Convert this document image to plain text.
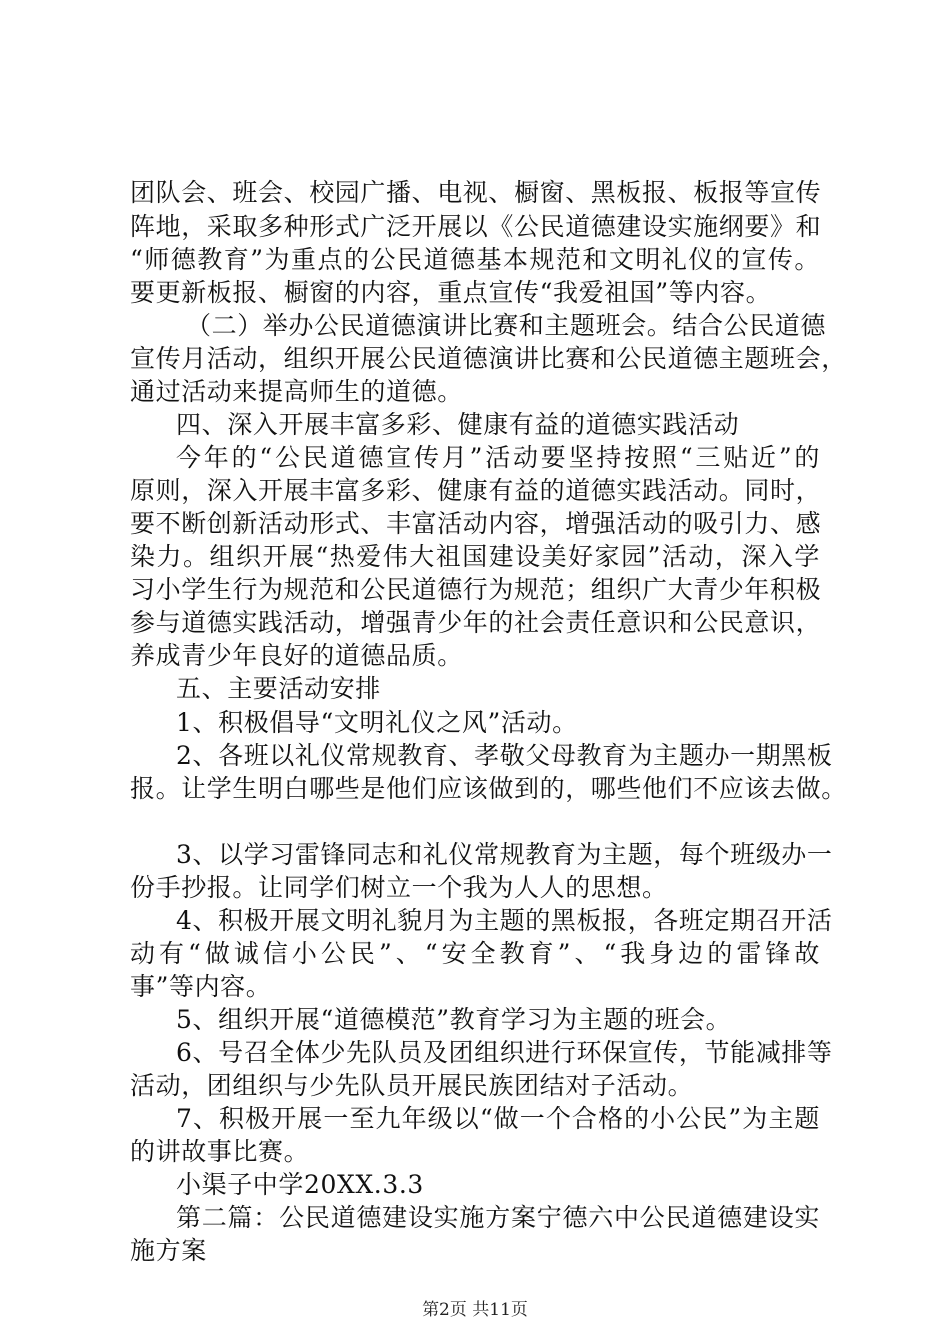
团队会、班会、校园广播、电视、橱窗、黑板报、板报等宣传
阵地，采取多种形式广泛开展以《公民道德建设实施纲要》和
“师德教育”为重点的公民道德基本规范和文明礼仪的宣传。
要更新板报、橱窗的内容，重点宣传“我爱祖国”等内容。
（二）举办公民道德演讲比赛和主题班会。结合公民道德
宣传月活动，组织开展公民道德演讲比赛和公民道德主题班会，
通过活动来提高师生的道德。
四、深入开展丰富多彩、健康有益的道德实践活动
今年的“公民道德宣传月”活动要坚持按照“三贴近”的
原则，深入开展丰富多彩、健康有益的道德实践活动。同时，
要不断创新活动形式、丰富活动内容，增强活动的吸引力、感
染力。组织开展“热爱伟大祖国建设美好家园”活动，深入学
习小学生行为规范和公民道德行为规范；组织广大青少年积极
参与道德实践活动，增强青少年的社会责任意识和公民意识，
养成青少年良好的道德品质。
五、主要活动安排
1、积极倡导“文明礼仪之风”活动。
2、各班以礼仪常规教育、孝敬父母教育为主题办一期黑板
报。让学生明白哪些是他们应该做到的，哪些他们不应该去做。
3、以学习雷锋同志和礼仪常规教育为主题，每个班级办一
份手抄报。让同学们树立一个我为人人的思想。
4、积极开展文明礼貌月为主题的黑板报，各班定期召开活
动有“做诚信小公民”、“安全教育”、“我身边的雷锋故
事”等内容。
5、组织开展“道德模范”教育学习为主题的班会。
6、号召全体少先队员及团组织进行环保宣传，节能减排等
活动，团组织与少先队员开展民族团结对子活动。
7、积极开展一至九年级以“做一个合格的小公民”为主题
的讲故事比赛。
小渠子中学20XX.3.3
第二篇：公民道德建设实施方案宁德六中公民道德建设实
施方案
第2页 共11页
